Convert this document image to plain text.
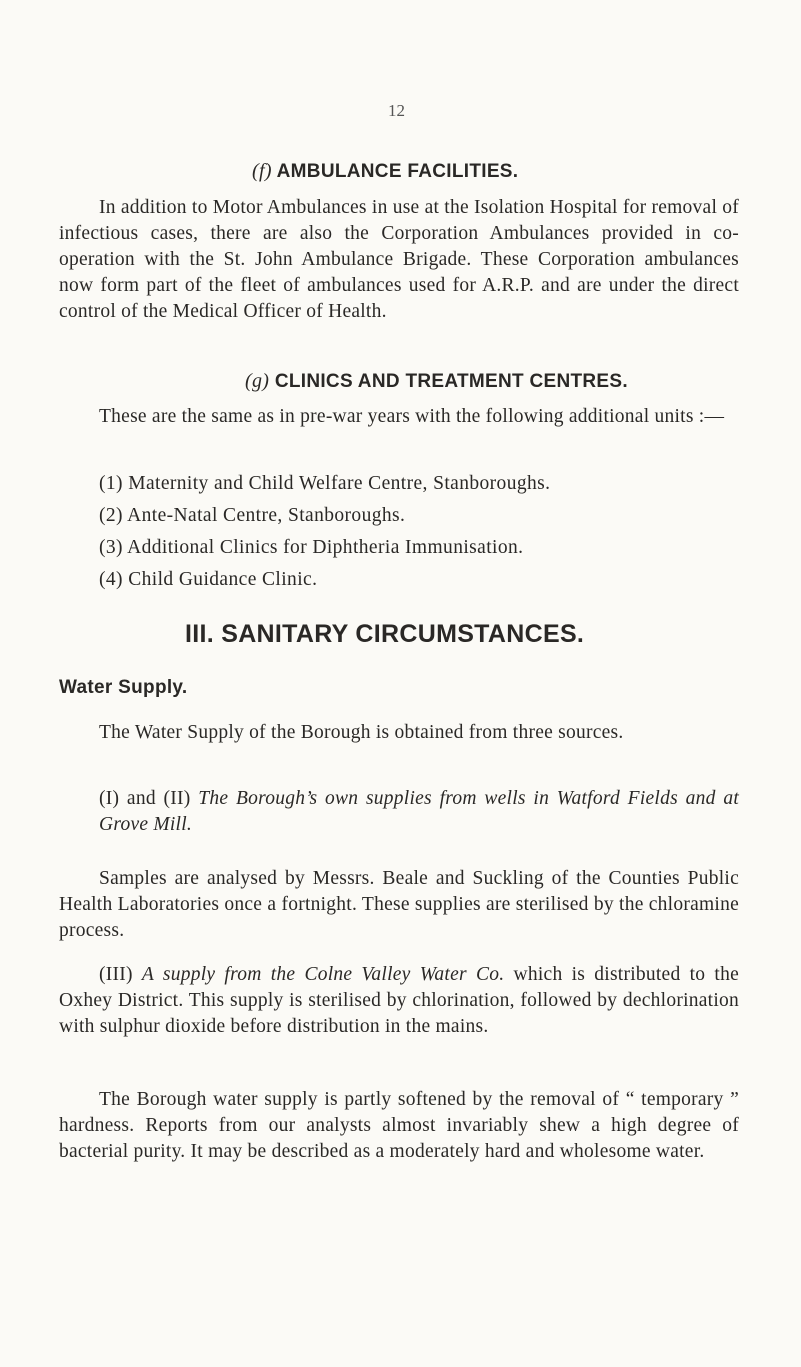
12
(f) AMBULANCE FACILITIES.
In addition to Motor Ambulances in use at the Isolation Hospital for removal of infectious cases, there are also the Corporation Ambulances provided in co-operation with the St. John Ambulance Brigade. These Corporation ambulances now form part of the fleet of ambulances used for A.R.P. and are under the direct control of the Medical Officer of Health.
(g) CLINICS AND TREATMENT CENTRES.
These are the same as in pre-war years with the following additional units :—
(1) Maternity and Child Welfare Centre, Stanboroughs.
(2) Ante-Natal Centre, Stanboroughs.
(3) Additional Clinics for Diphtheria Immunisation.
(4) Child Guidance Clinic.
III. SANITARY CIRCUMSTANCES.
Water Supply.
The Water Supply of the Borough is obtained from three sources.
(I) and (II) The Borough’s own supplies from wells in Watford Fields and at Grove Mill.
Samples are analysed by Messrs. Beale and Suckling of the Counties Public Health Laboratories once a fortnight. These supplies are sterilised by the chloramine process.
(III) A supply from the Colne Valley Water Co. which is distributed to the Oxhey District. This supply is sterilised by chlorination, followed by dechlorination with sulphur dioxide before distribution in the mains.
The Borough water supply is partly softened by the removal of “ temporary ” hardness. Reports from our analysts almost invariably shew a high degree of bacterial purity. It may be described as a moderately hard and wholesome water.
